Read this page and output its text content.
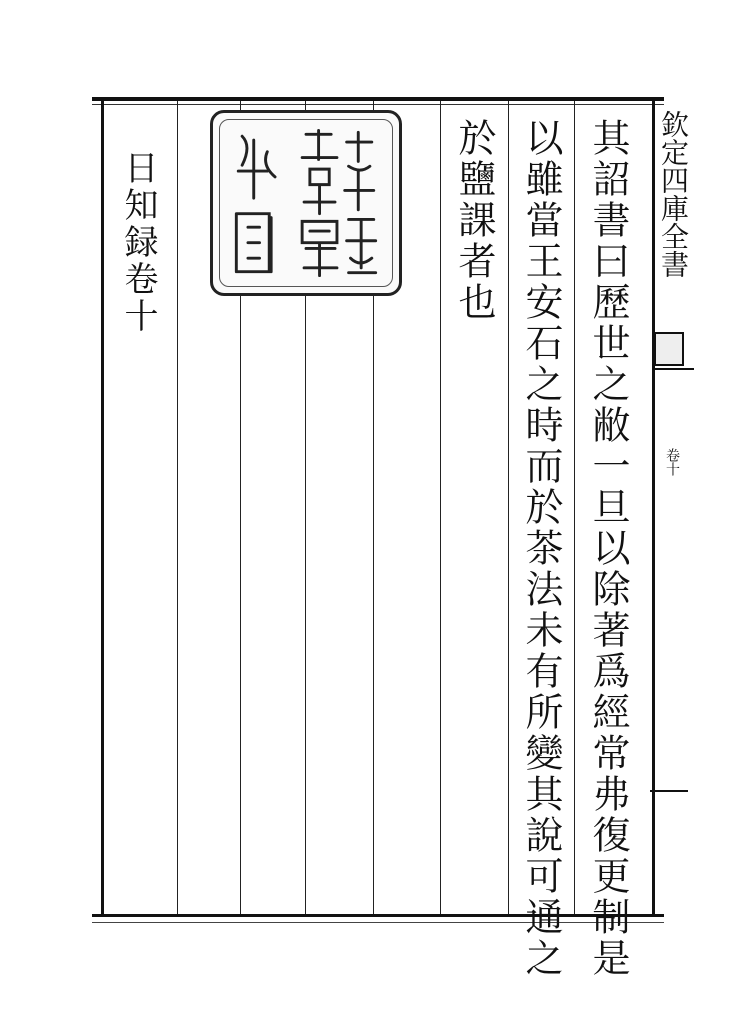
其詔書曰歷世之敝一旦以除著爲經常弗復更制是
以雖當王安石之時而於茶法未有所變其說可通之
於鹽課者也
日知録卷十	欽定四庫全書
卷十
